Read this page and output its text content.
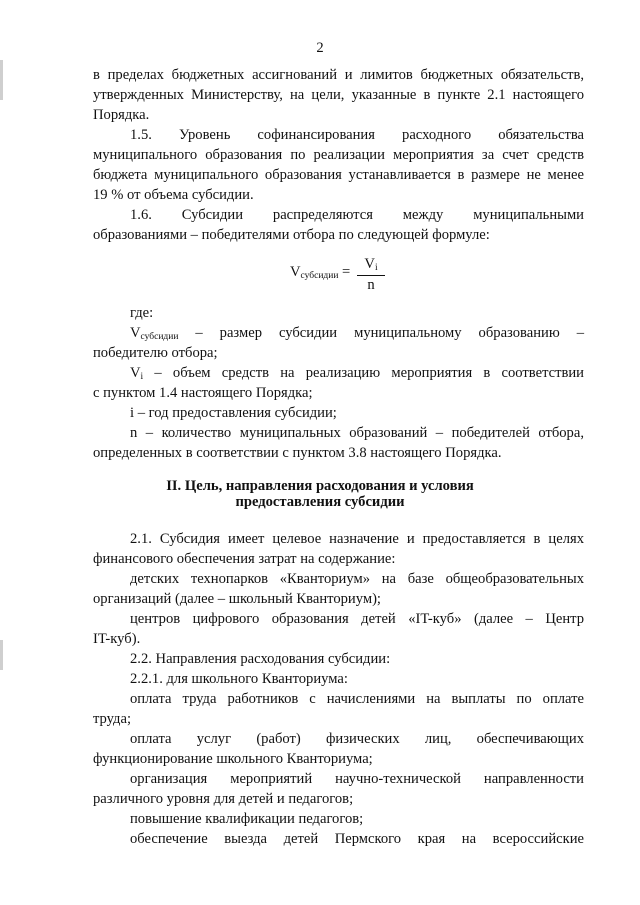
2
в пределах бюджетных ассигнований и лимитов бюджетных обязательств,
утвержденных Министерству, на цели, указанные в пункте 2.1 настоящего
Порядка.
1.5. Уровень софинансирования расходного обязательства
муниципального образования по реализации мероприятия за счет средств
бюджета муниципального образования устанавливается в размере не менее
19 % от объема субсидии.
1.6. Субсидии распределяются между муниципальными
образованиями – победителями отбора по следующей формуле:
Vсубсидии = Vi
n
где:
Vсубсидии – размер субсидии муниципальному образованию –
победителю отбора;
Vi – объем средств на реализацию мероприятия в соответствии
с пунктом 1.4 настоящего Порядка;
i – год предоставления субсидии;
n – количество муниципальных образований – победителей отбора,
определенных в соответствии с пунктом 3.8 настоящего Порядка.
II. Цель, направления расходования и условия
предоставления субсидии
2.1. Субсидия имеет целевое назначение и предоставляется в целях
финансового обеспечения затрат на содержание:
детских технопарков «Кванториум» на базе общеобразовательных
организаций (далее – школьный Кванториум);
центров цифрового образования детей «IT-куб» (далее – Центр
IT-куб).
2.2. Направления расходования субсидии:
2.2.1. для школьного Кванториума:
оплата труда работников с начислениями на выплаты по оплате
труда;
оплата услуг (работ) физических лиц, обеспечивающих
функционирование школьного Кванториума;
организация мероприятий научно-технической направленности
различного уровня для детей и педагогов;
повышение квалификации педагогов;
обеспечение выезда детей Пермского края на всероссийские
